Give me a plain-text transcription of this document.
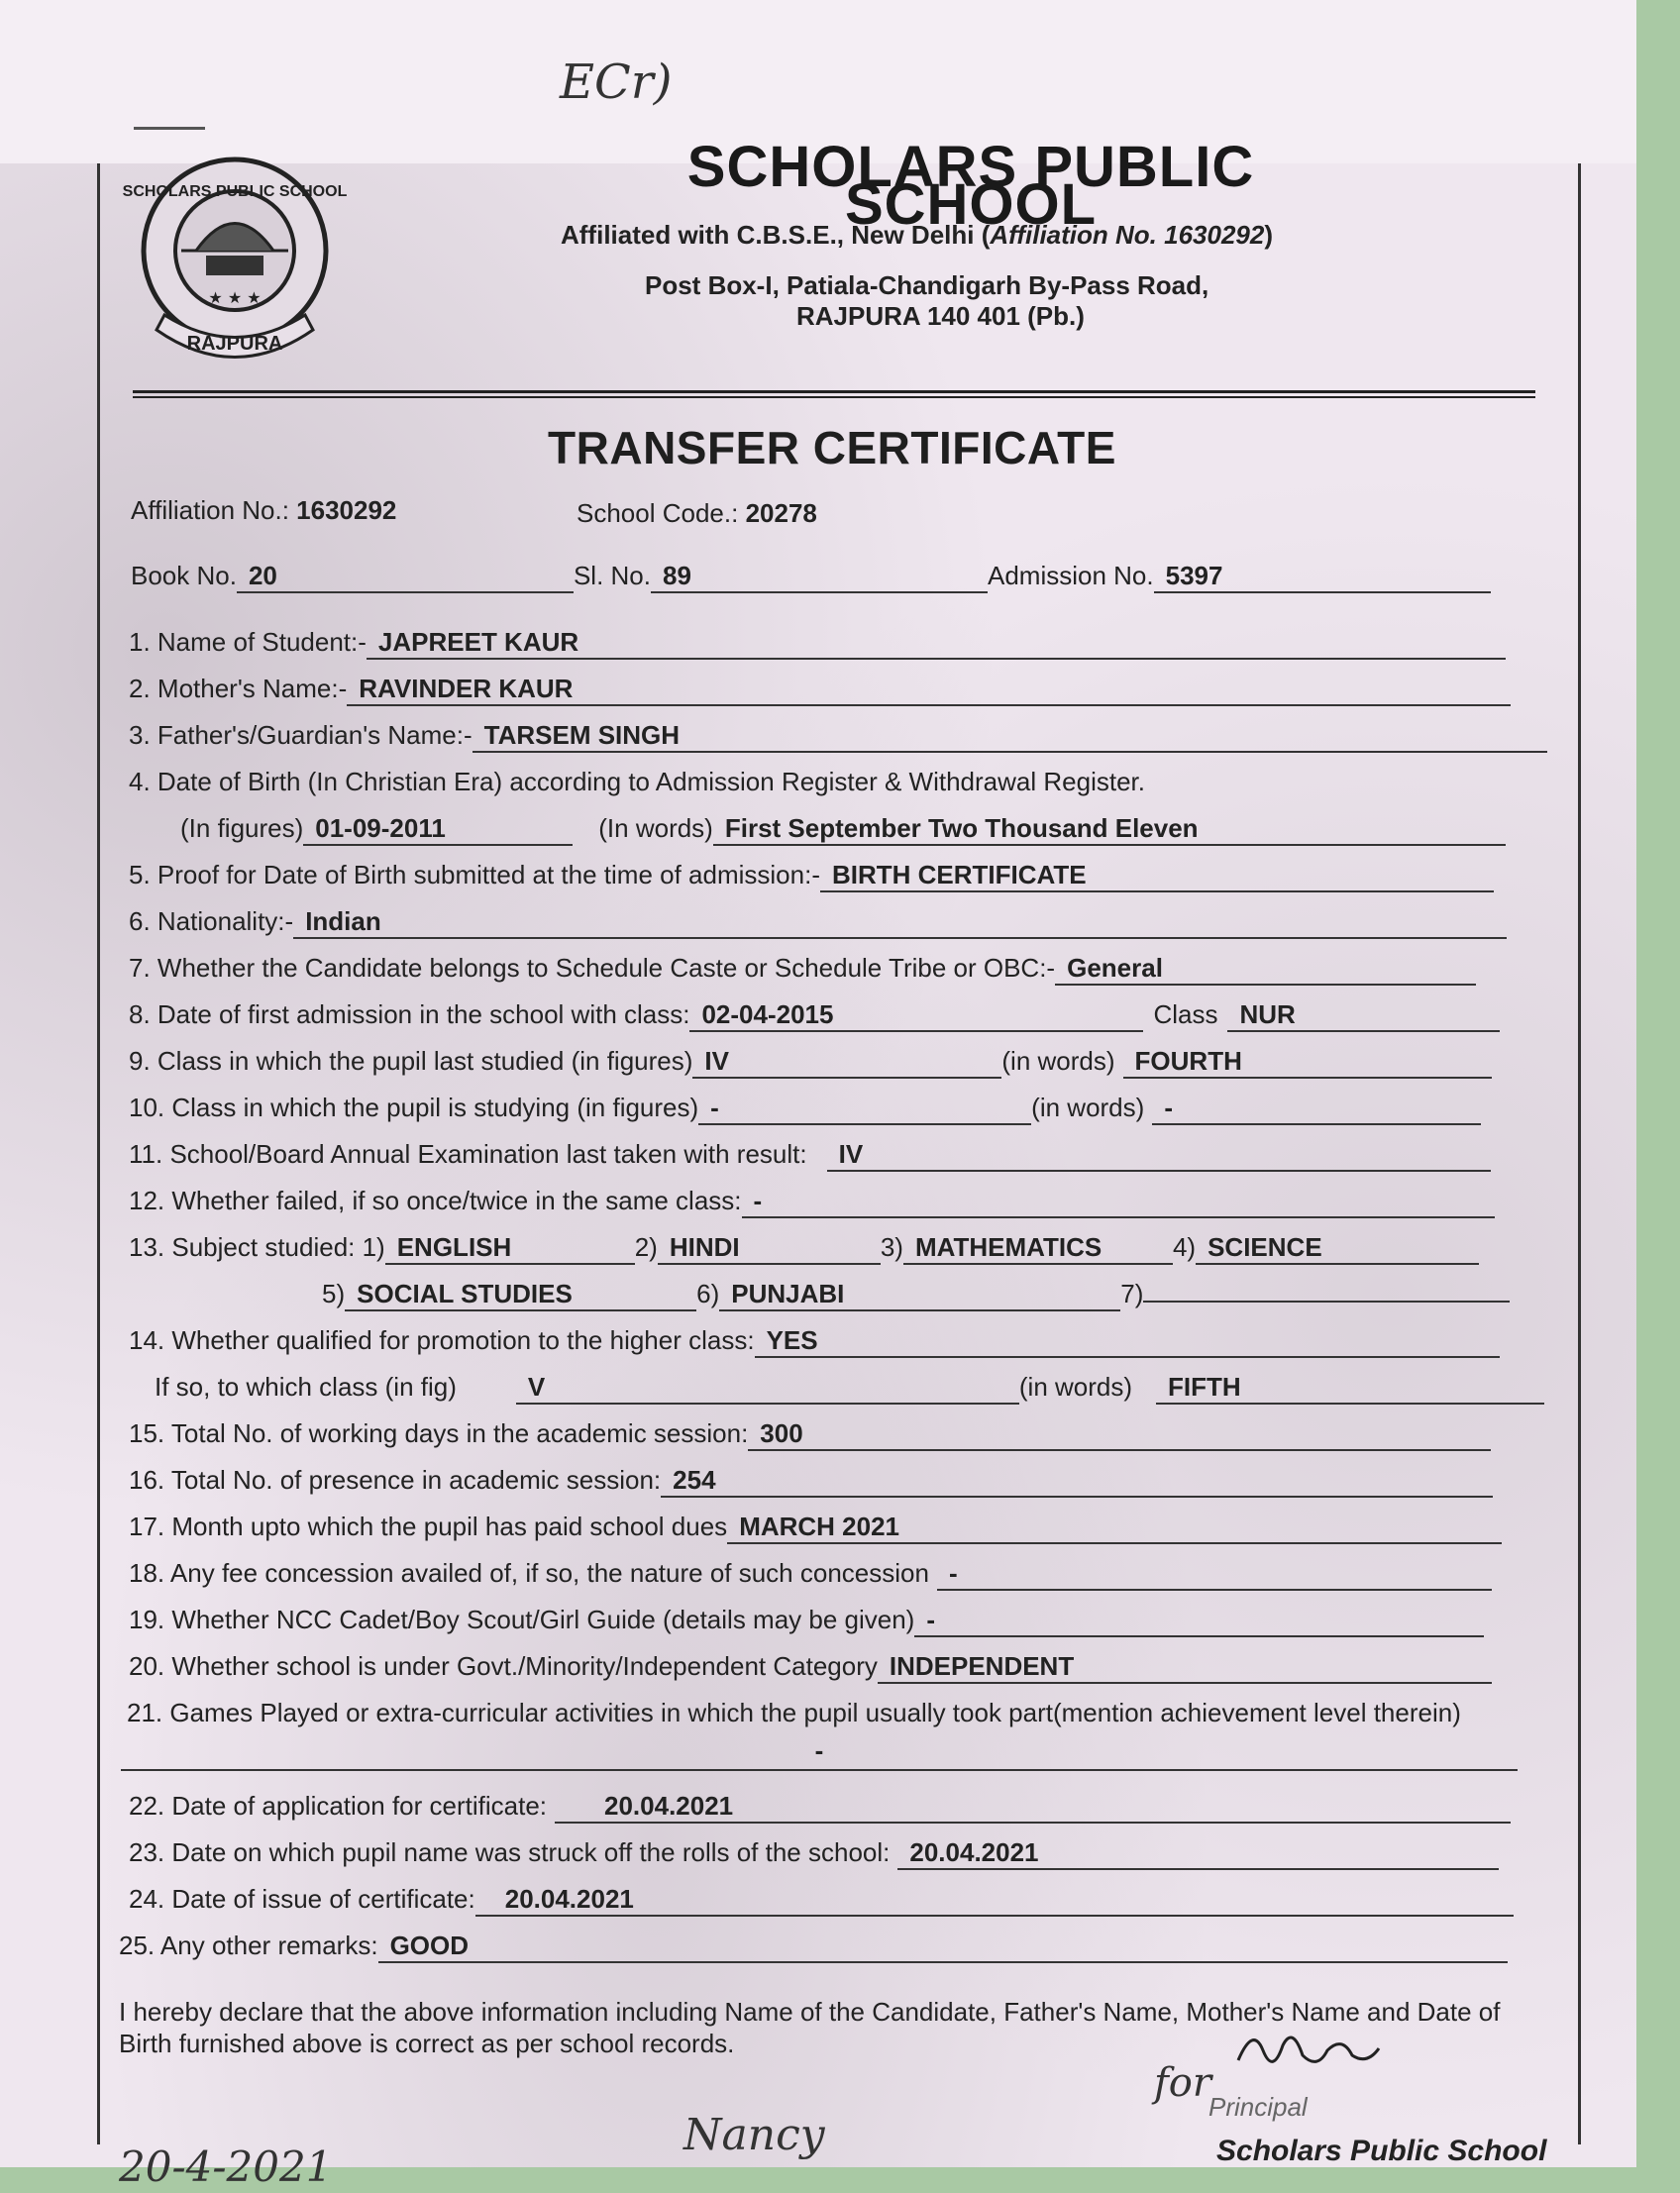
ECr)
★ ★ ★
RAJPURA
SCHOLARS PUBLIC SCHOOL	SCHOLARS PUBLIC SCHOOL
Affiliated with C.B.S.E., New Delhi (Affiliation No. 1630292)
Post Box-I, Patiala-Chandigarh By-Pass Road,
RAJPURA 140 401 (Pb.)
TRANSFER CERTIFICATE
Affiliation No.: 1630292	School Code.: 20278
Book No. 20	Sl. No. 89	Admission No. 5397
1. Name of Student:- JAPREET KAUR
2. Mother's Name:- RAVINDER KAUR
3. Father's/Guardian's Name:- TARSEM SINGH
4. Date of Birth (In Christian Era) according to Admission Register & Withdrawal Register.
(In figures) 01-09-2011	(In words) First September Two Thousand Eleven
5. Proof for Date of Birth submitted at the time of admission:- BIRTH CERTIFICATE
6. Nationality:- Indian
7. Whether the Candidate belongs to Schedule Caste or Schedule Tribe or OBC:- General
8. Date of first admission in the school with class: 02-04-2015	Class NUR
9. Class in which the pupil last studied (in figures) IV	(in words) FOURTH
10. Class in which the pupil is studying (in figures) -	(in words) -
11. School/Board Annual Examination last taken with result: IV
12. Whether failed, if so once/twice in the same class: -
13. Subject studied: 1) ENGLISH	2) HINDI	3) MATHEMATICS	4) SCIENCE
5) SOCIAL STUDIES	6) PUNJABI	7)
14. Whether qualified for promotion to the higher class: YES
If so, to which class (in fig)	V	(in words) FIFTH
15. Total No. of working days in the academic session: 300
16. Total No. of presence in academic session: 254
17. Month upto which the pupil has paid school dues MARCH 2021
18. Any fee concession availed of, if so, the nature of such concession -
19. Whether NCC Cadet/Boy Scout/Girl Guide (details may be given) -
20. Whether school is under Govt./Minority/Independent Category INDEPENDENT
21. Games Played or extra-curricular activities in which the pupil usually took part(mention achievement level therein)
-
22. Date of application for certificate: 20.04.2021
23. Date on which pupil name was struck off the rolls of the school: 20.04.2021
24. Date of issue of certificate: 20.04.2021
25. Any other remarks: GOOD
I hereby declare that the above information including Name of the Candidate, Father's Name, Mother's Name and Date of Birth furnished above is correct as per school records.
for
Principal
Scholars Public School
20-4-2021
Nancy
